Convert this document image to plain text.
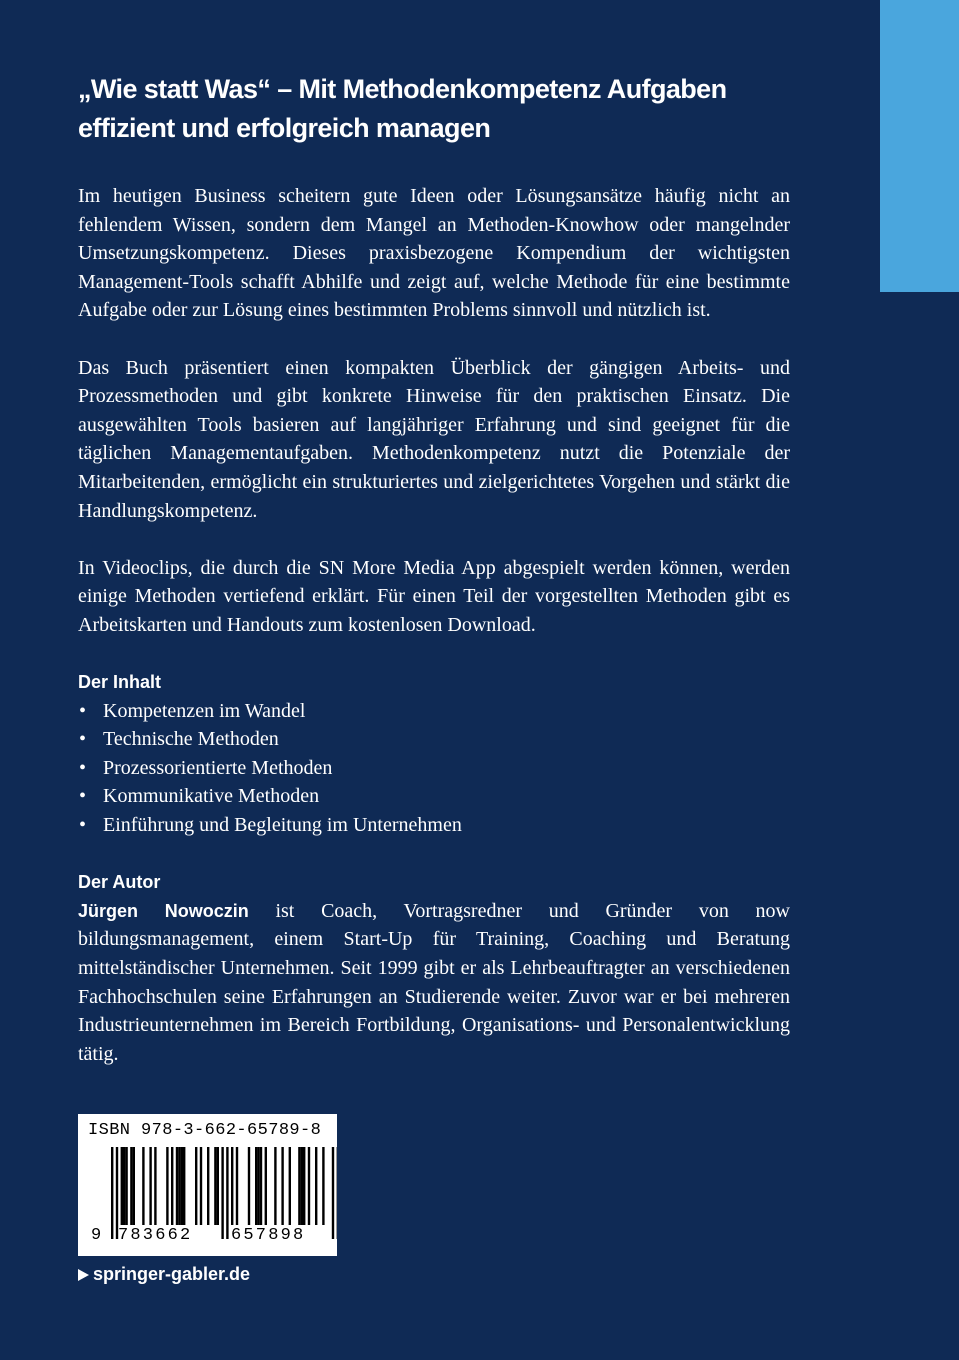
„Wie statt Was“ – Mit Methodenkompetenz Aufgaben effizient und erfolgreich managen

Im heutigen Business scheitern gute Ideen oder Lösungsansätze häufig nicht an fehlendem Wissen, sondern dem Mangel an Methoden-Knowhow oder mangelnder Umsetzungskompetenz. Dieses praxisbezogene Kompendium der wichtigsten Management-Tools schafft Abhilfe und zeigt auf, welche Methode für eine bestimmte Aufgabe oder zur Lösung eines bestimmten Problems sinnvoll und nützlich ist.

Das Buch präsentiert einen kompakten Überblick der gängigen Arbeits- und Prozessmethoden und gibt konkrete Hinweise für den praktischen Einsatz. Die ausgewählten Tools basieren auf langjähriger Erfahrung und sind geeignet für die täglichen Managementaufgaben. Methodenkompetenz nutzt die Potenziale der Mitarbeitenden, ermöglicht ein strukturiertes und zielgerichtetes Vorgehen und stärkt die Handlungskompetenz.

In Videoclips, die durch die SN More Media App abgespielt werden können, werden einige Methoden vertiefend erklärt. Für einen Teil der vorgestellten Methoden gibt es Arbeitskarten und Handouts zum kostenlosen Download.

Der Inhalt
• Kompetenzen im Wandel
• Technische Methoden
• Prozessorientierte Methoden
• Kommunikative Methoden
• Einführung und Begleitung im Unternehmen
Der Autor

Jürgen Nowoczin ist Coach, Vortragsredner und Gründer von now bildungsmanagement, einem Start-Up für Training, Coaching und Beratung mittelständischer Unternehmen. Seit 1999 gibt er als Lehrbeauftragter an verschiedenen Fachhochschulen seine Erfahrungen an Studierende weiter. Zuvor war er bei mehreren Industrieunternehmen im Bereich Fortbildung, Organisations- und Personalentwicklung tätig.

ISBN 978-3-662-65789-8
9 783662 657898
springer-gabler.de
